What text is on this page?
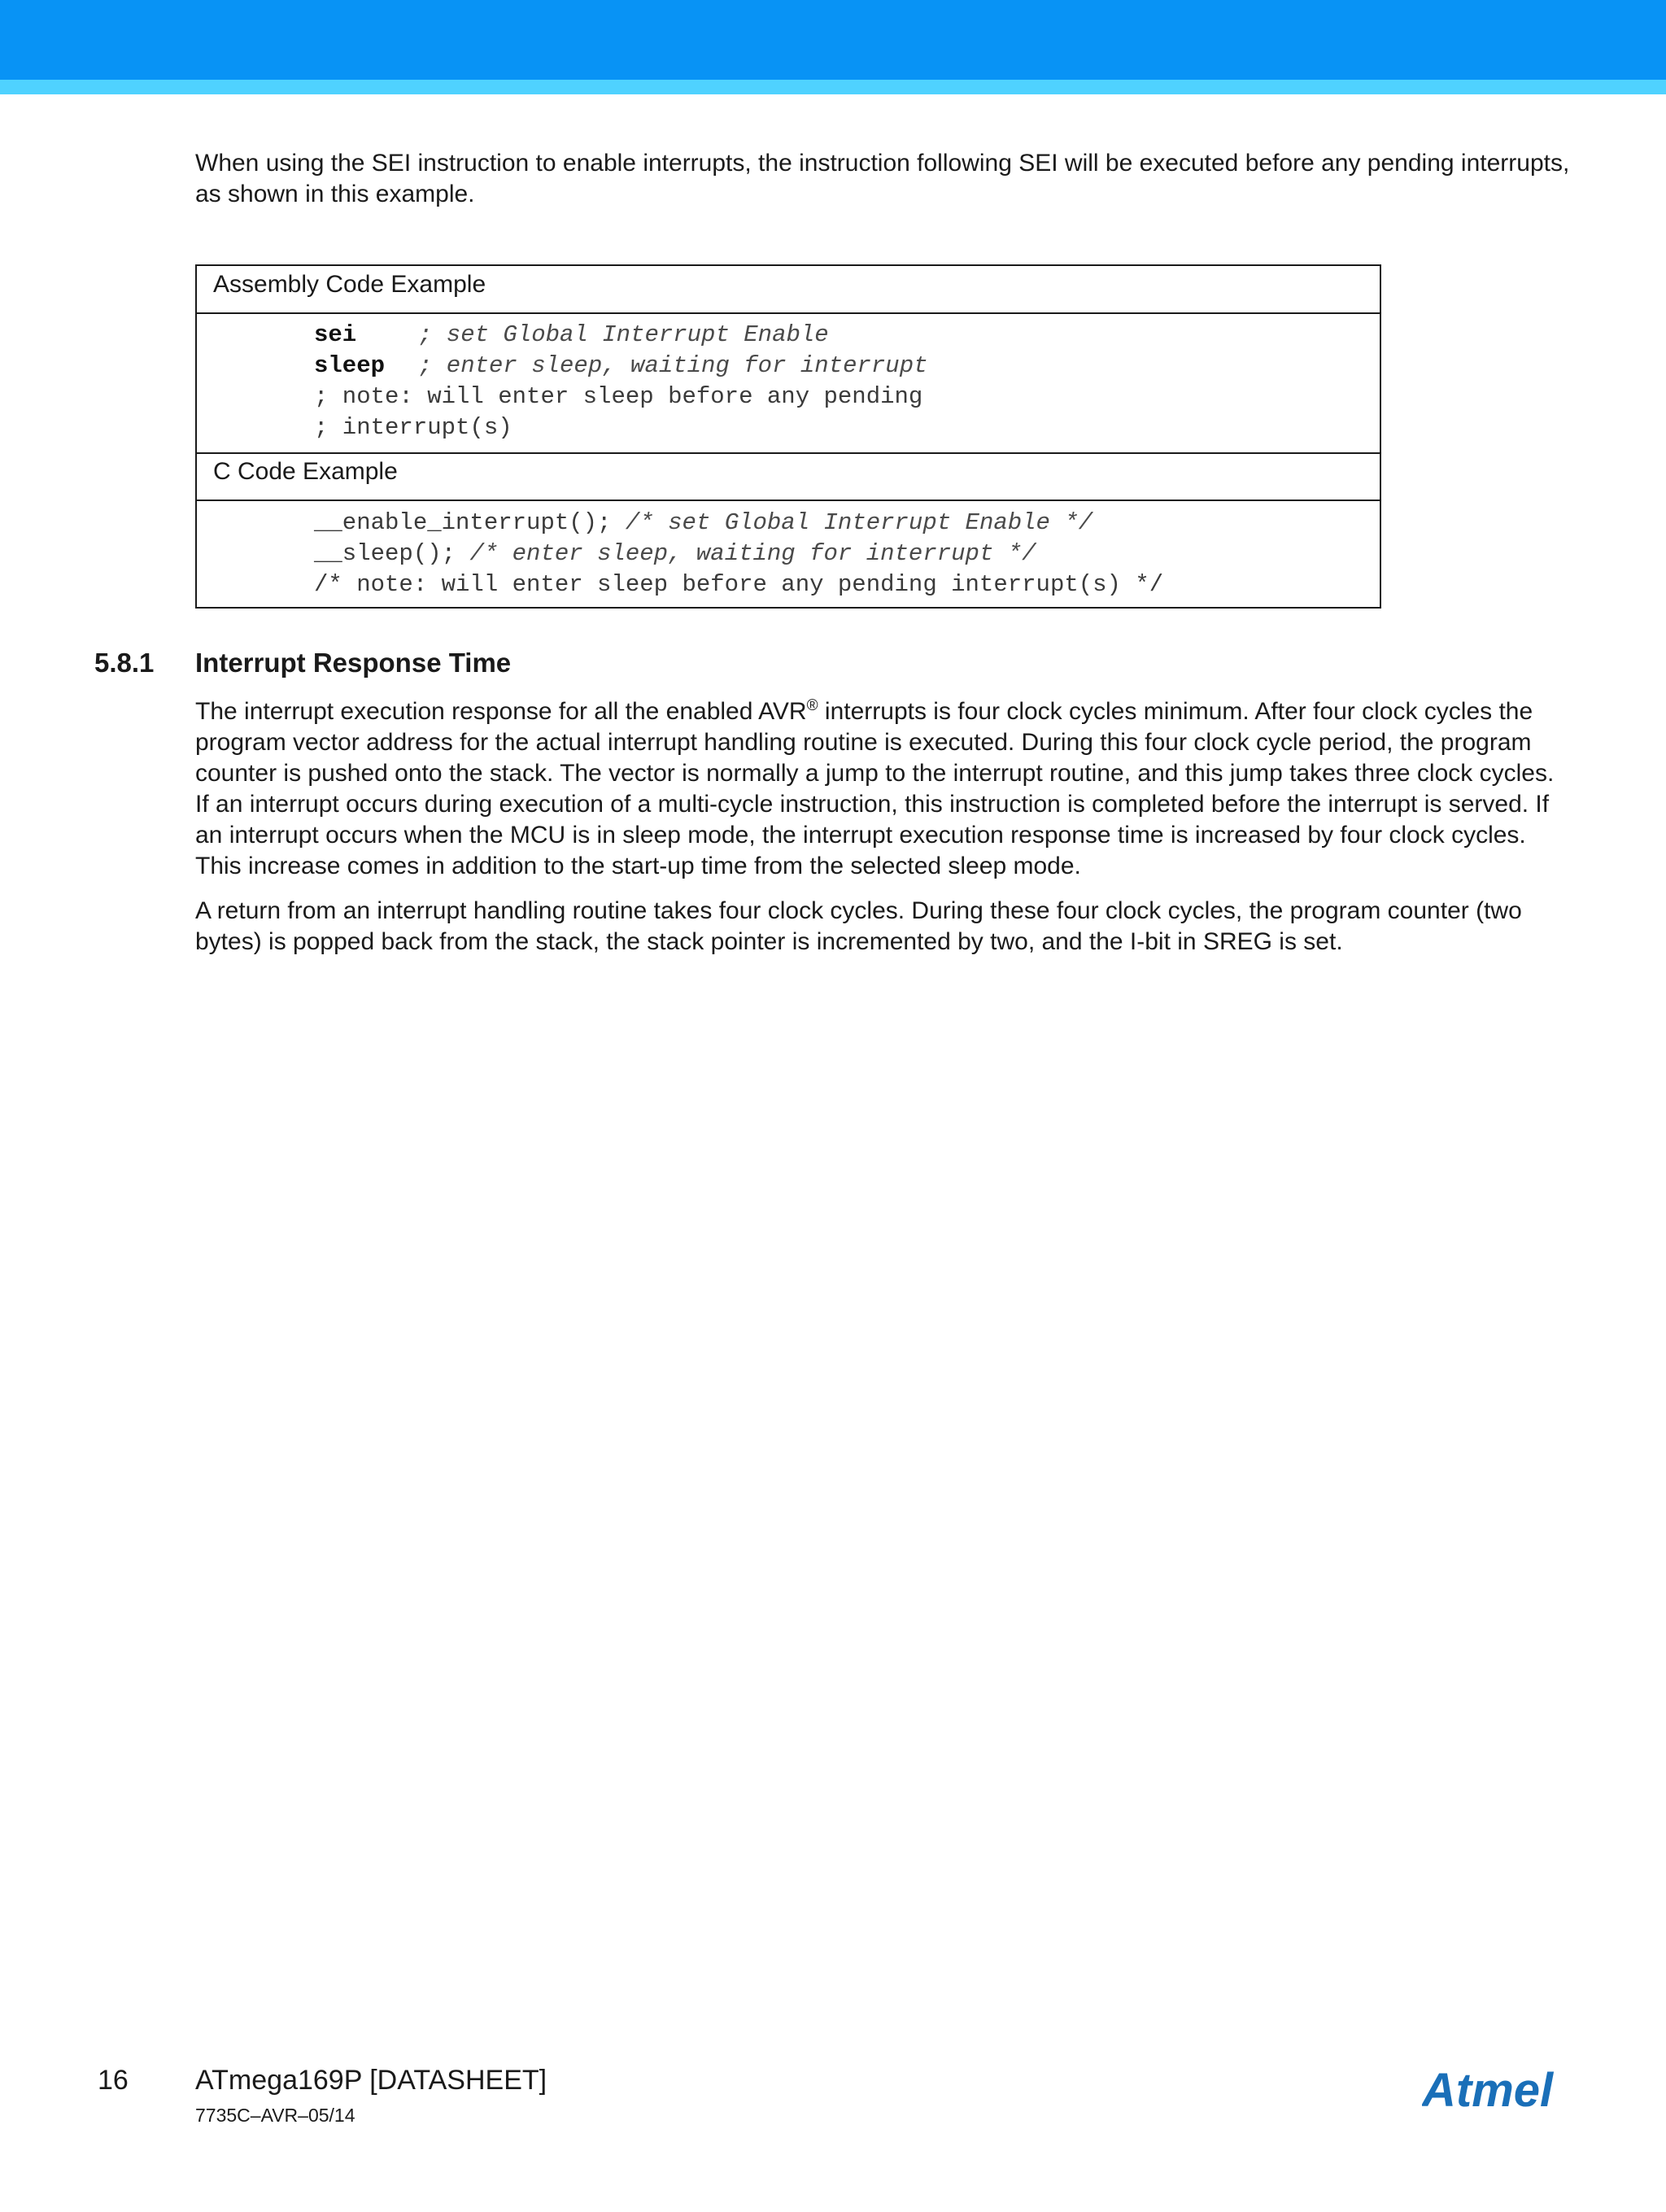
When using the SEI instruction to enable interrupts, the instruction following SEI will be executed before any pending interrupts, as shown in this example.

Assembly Code Example
sei	; set Global Interrupt Enable
sleep ; enter sleep, waiting for interrupt
; note: will enter sleep before any pending
; interrupt(s)
C Code Example
__enable_interrupt(); /* set Global Interrupt Enable */
__sleep(); /* enter sleep, waiting for interrupt */
/* note: will enter sleep before any pending interrupt(s) */
5.8.1 Interrupt Response Time

The interrupt execution response for all the enabled AVR® interrupts is four clock cycles minimum. After four clock cycles the program vector address for the actual interrupt handling routine is executed. During this four clock cycle period, the program counter is pushed onto the stack. The vector is normally a jump to the interrupt routine, and this jump takes three clock cycles. If an interrupt occurs during execution of a multi-cycle instruction, this instruction is completed before the interrupt is served. If an interrupt occurs when the MCU is in sleep mode, the interrupt execution response time is increased by four clock cycles. This increase comes in addition to the start-up time from the selected sleep mode.

A return from an interrupt handling routine takes four clock cycles. During these four clock cycles, the program counter (two bytes) is popped back from the stack, the stack pointer is incremented by two, and the I-bit in SREG is set.

16 ATmega169P [DATASHEET]
7735C–AVR–05/14	Atmel
